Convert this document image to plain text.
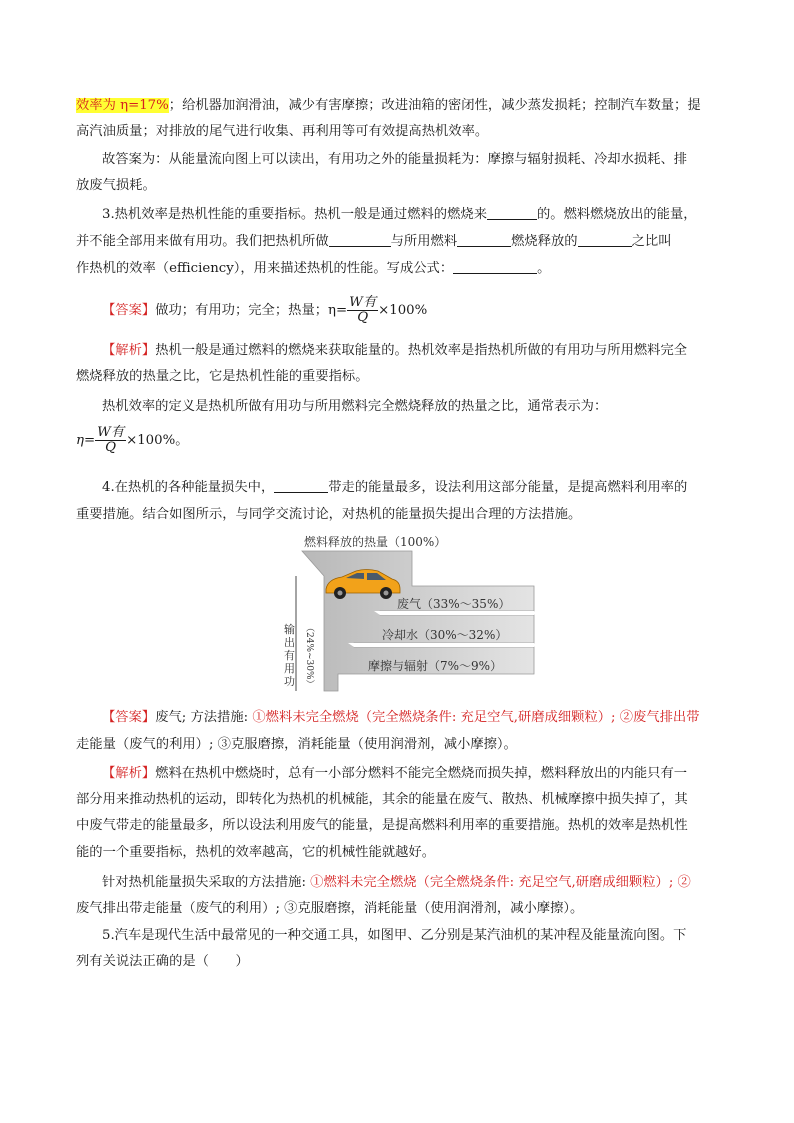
效率为 η=17%；给机器加润滑油，减少有害摩擦；改进油箱的密闭性，减少蒸发损耗；控制汽车数量；提
高汽油质量；对排放的尾气进行收集、再利用等可有效提高热机效率。
故答案为：从能量流向图上可以读出，有用功之外的能量损耗为：摩擦与辐射损耗、冷却水损耗、排
放废气损耗。
3.热机效率是热机性能的重要指标。热机一般是通过燃料的燃烧来	的。燃料燃烧放出的能量，
并不能全部用来做有用功。我们把热机所做	与所用燃料	燃烧释放的	之比叫
作热机的效率（efficiency），用来描述热机的性能。写成公式：	。
【答案】做功；有用功；完全；热量；$\eta= \frac{\text{W有}}{Q} \times 100\%$
【解析】热机一般是通过燃料的燃烧来获取能量的。热机效率是指热机所做的有用功与所用燃料完全
燃烧释放的热量之比，它是热机性能的重要指标。
热机效率的定义是热机所做有用功与所用燃料完全燃烧释放的热量之比，通常表示为：
$\eta= \frac{\text{W有}}{Q} \times 100\%$。
4.在热机的各种能量损失中，	带走的能量最多，设法利用这部分能量，是提高燃料利用率的
重要措施。结合如图所示，与同学交流讨论，对热机的能量损失提出合理的方法措施。
燃料释放的热量（100%）
废气（33%～35%）
冷却水（30%～32%）
摩擦与辐射（7%～9%）
输出有用功 （24%~30%）
【答案】废气; 方法措施: ①燃料未完全燃烧（完全燃烧条件: 充足空气,研磨成细颗粒）; ②废气排出带
走能量（废气的利用）; ③克服磨擦，消耗能量（使用润滑剂，减小摩擦）。
【解析】燃料在热机中燃烧时，总有一小部分燃料不能完全燃烧而损失掉，燃料释放出的内能只有一
部分用来推动热机的运动，即转化为热机的机械能，其余的能量在废气、散热、机械摩擦中损失掉了，其
中废气带走的能量最多，所以设法利用废气的能量，是提高燃料利用率的重要措施。热机的效率是热机性
能的一个重要指标，热机的效率越高，它的机械性能就越好。
针对热机能量损失采取的方法措施: ①燃料未完全燃烧（完全燃烧条件: 充足空气,研磨成细颗粒）; ②
废气排出带走能量（废气的利用）; ③克服磨擦，消耗能量（使用润滑剂，减小摩擦）。
5.汽车是现代生活中最常见的一种交通工具，如图甲、乙分别是某汽油机的某冲程及能量流向图。下
列有关说法正确的是（　　）
